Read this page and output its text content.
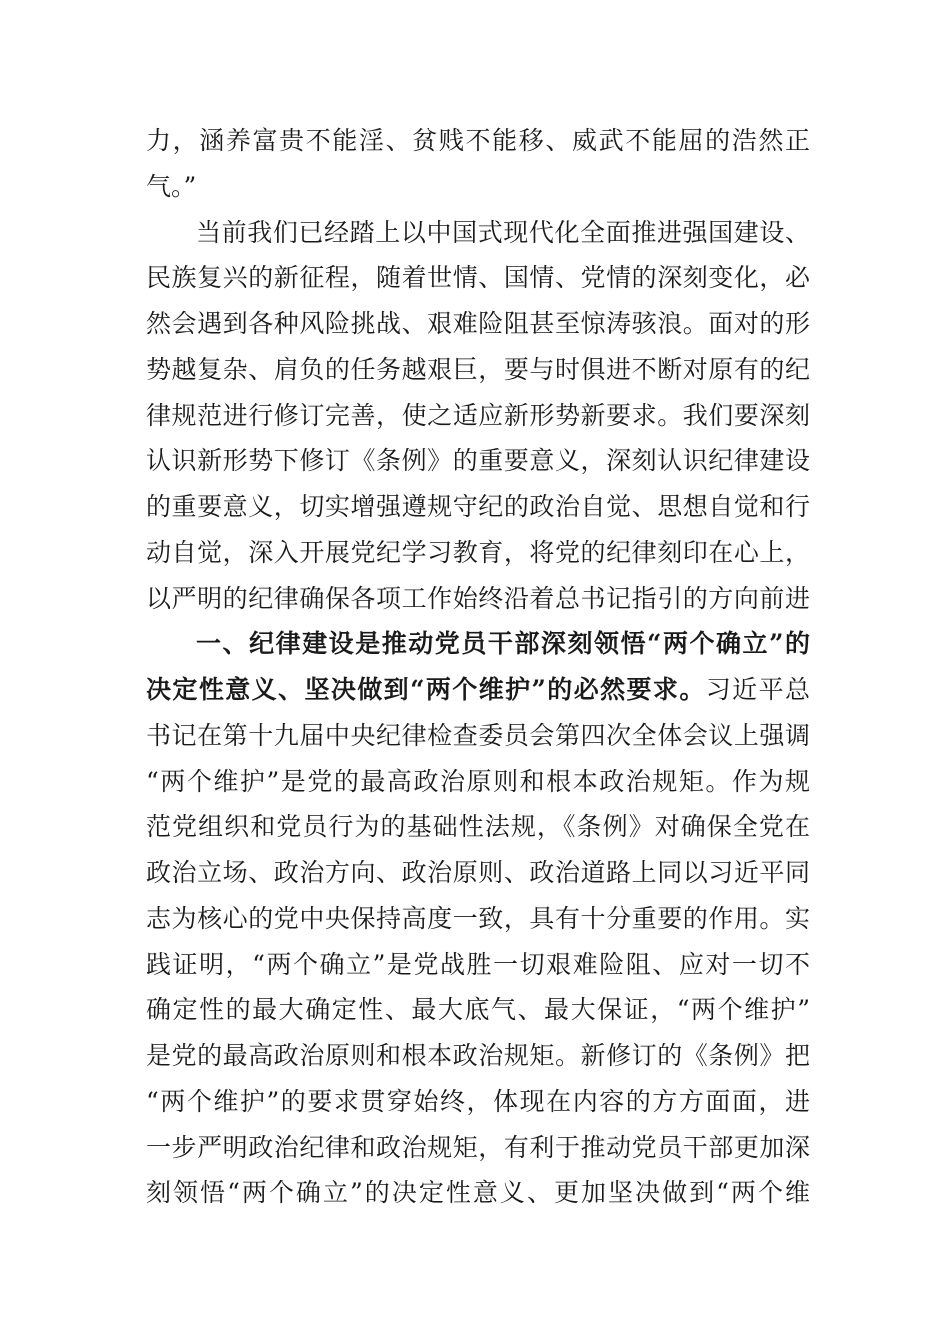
力，涵养富贵不能淫、贫贱不能移、威武不能屈的浩然正
气。”
当前我们已经踏上以中国式现代化全面推进强国建设、
民族复兴的新征程，随着世情、国情、党情的深刻变化，必
然会遇到各种风险挑战、艰难险阻甚至惊涛骇浪。面对的形
势越复杂、肩负的任务越艰巨，要与时俱进不断对原有的纪
律规范进行修订完善，使之适应新形势新要求。我们要深刻
认识新形势下修订《条例》的重要意义，深刻认识纪律建设
的重要意义，切实增强遵规守纪的政治自觉、思想自觉和行
动自觉，深入开展党纪学习教育，将党的纪律刻印在心上，
以严明的纪律确保各项工作始终沿着总书记指引的方向前进
一、纪律建设是推动党员干部深刻领悟“两个确立”的
决定性意义、坚决做到“两个维护”的必然要求。习近平总
书记在第十九届中央纪律检查委员会第四次全体会议上强调
“两个维护”是党的最高政治原则和根本政治规矩。作为规
范党组织和党员行为的基础性法规，《条例》对确保全党在
政治立场、政治方向、政治原则、政治道路上同以习近平同
志为核心的党中央保持高度一致，具有十分重要的作用。实
践证明，“两个确立”是党战胜一切艰难险阻、应对一切不
确定性的最大确定性、最大底气、最大保证，“两个维护”
是党的最高政治原则和根本政治规矩。新修订的《条例》把
“两个维护”的要求贯穿始终，体现在内容的方方面面，进
一步严明政治纪律和政治规矩，有利于推动党员干部更加深
刻领悟“两个确立”的决定性意义、更加坚决做到“两个维
